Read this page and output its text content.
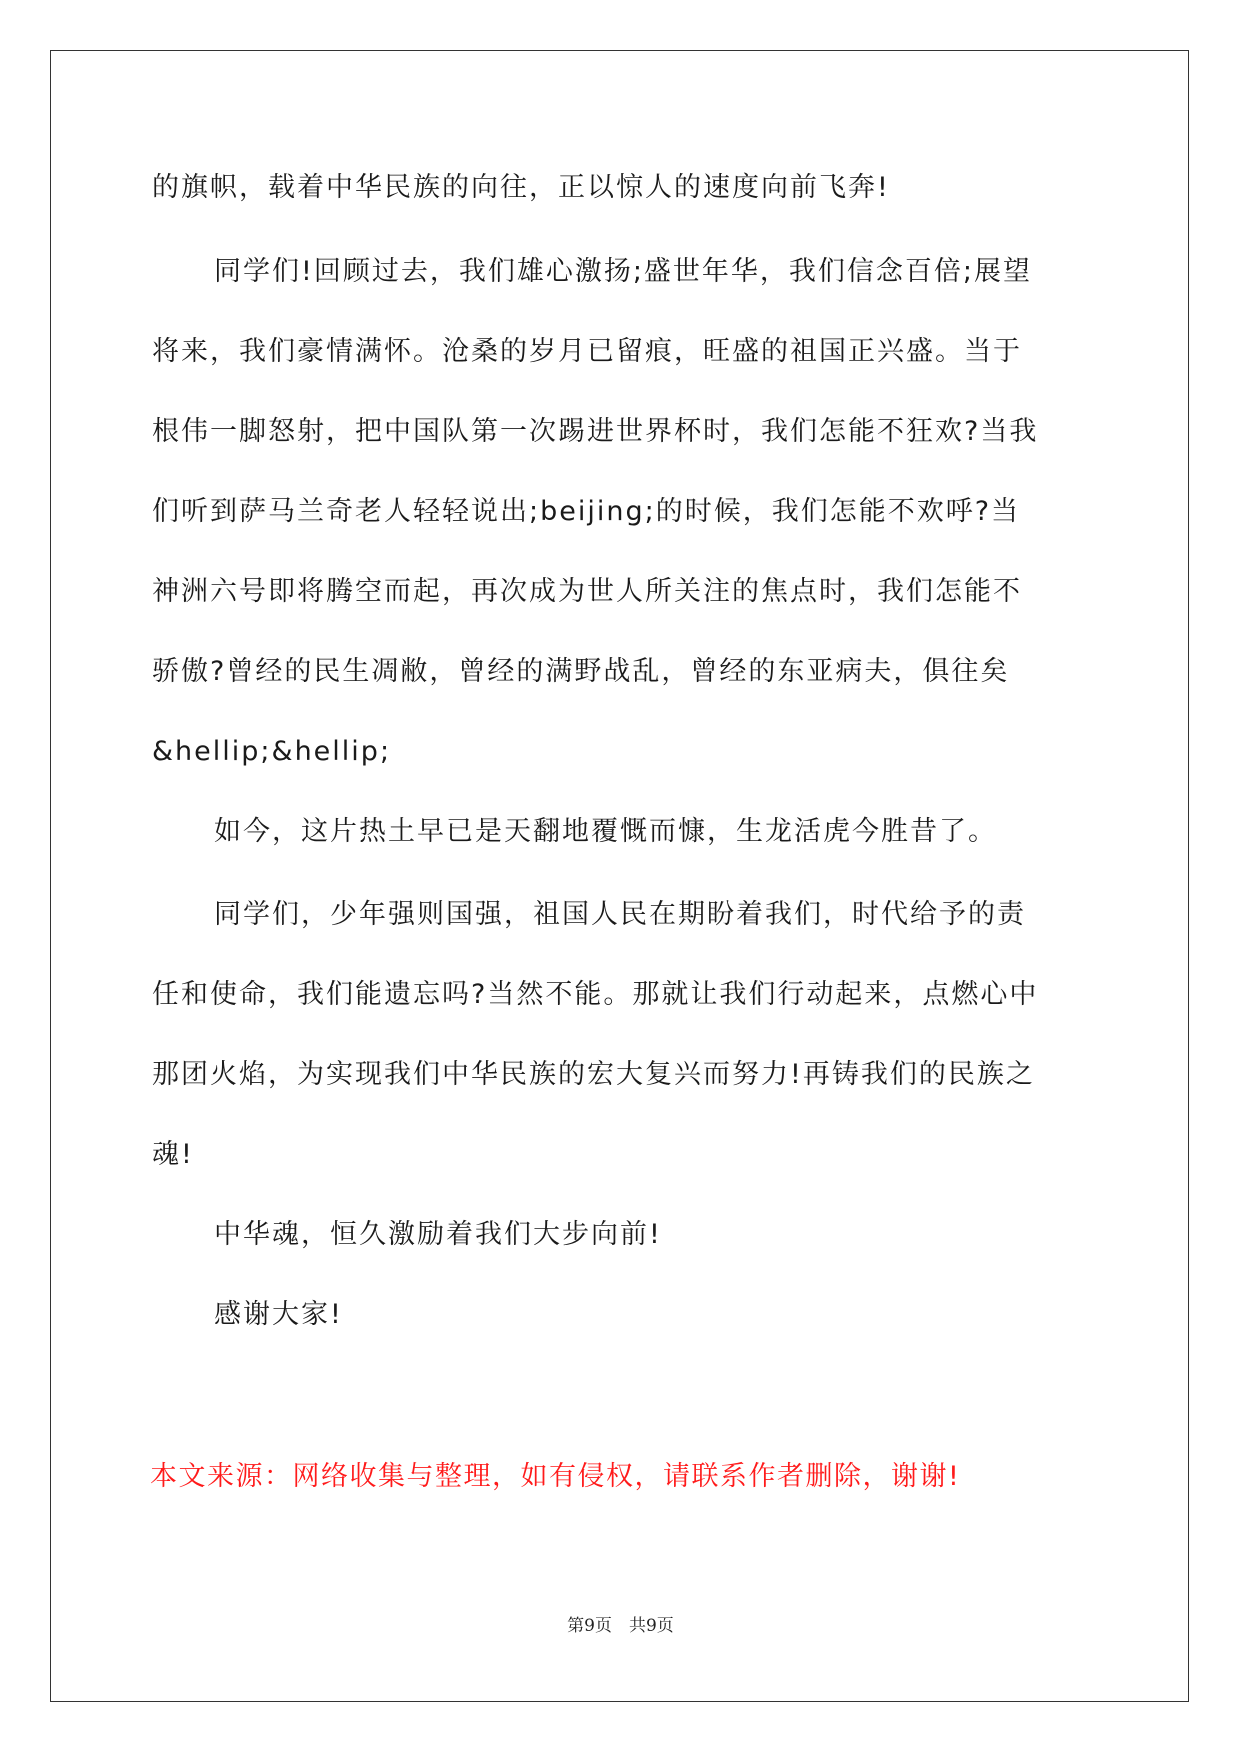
的旗帜，载着中华民族的向往，正以惊人的速度向前飞奔!
同学们!回顾过去，我们雄心激扬;盛世年华，我们信念百倍;展望
将来，我们豪情满怀。沧桑的岁月已留痕，旺盛的祖国正兴盛。当于
根伟一脚怒射，把中国队第一次踢进世界杯时，我们怎能不狂欢?当我
们听到萨马兰奇老人轻轻说出;beijing;的时候，我们怎能不欢呼?当
神洲六号即将腾空而起，再次成为世人所关注的焦点时，我们怎能不
骄傲?曾经的民生凋敝，曾经的满野战乱，曾经的东亚病夫，俱往矣
&hellip;&hellip;
如今，这片热土早已是天翻地覆慨而慷，生龙活虎今胜昔了。
同学们，少年强则国强，祖国人民在期盼着我们，时代给予的责
任和使命，我们能遗忘吗?当然不能。那就让我们行动起来，点燃心中
那团火焰，为实现我们中华民族的宏大复兴而努力!再铸我们的民族之
魂!
中华魂，恒久激励着我们大步向前!
感谢大家!
本文来源：网络收集与整理，如有侵权，请联系作者删除，谢谢!
第9页　共9页
